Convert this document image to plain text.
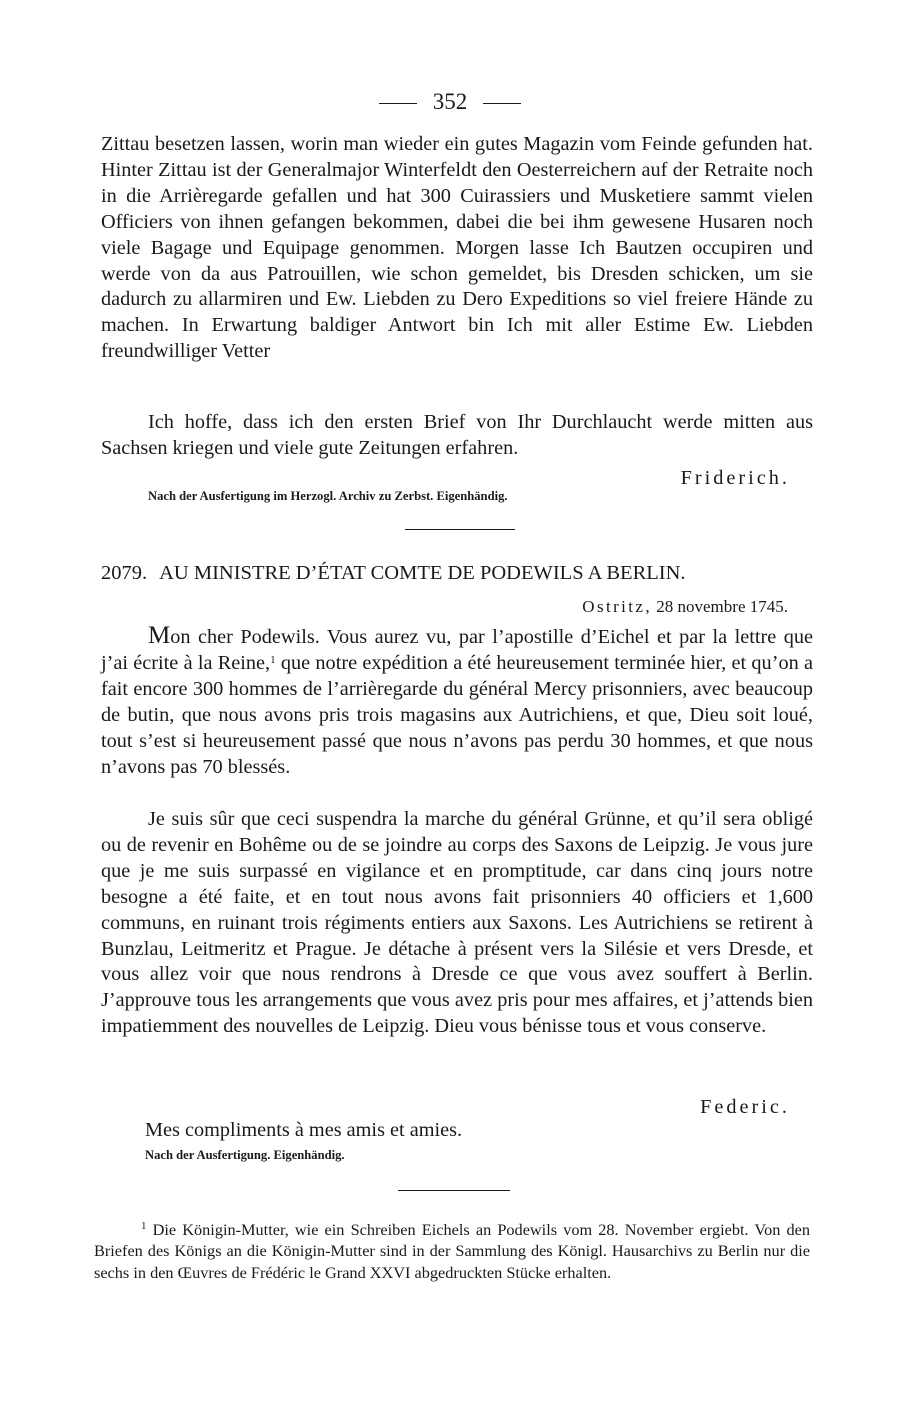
352

Zittau besetzen lassen, worin man wieder ein gutes Magazin vom Feinde gefunden hat. Hinter Zittau ist der Generalmajor Winterfeldt den Oesterreichern auf der Retraite noch in die Arrièregarde gefallen und hat 300 Cuirassiers und Musketiere sammt vielen Officiers von ihnen gefangen bekommen, dabei die bei ihm gewesene Husaren noch viele Bagage und Equipage genommen. Morgen lasse Ich Bautzen occupiren und werde von da aus Patrouillen, wie schon gemeldet, bis Dresden schicken, um sie dadurch zu allarmiren und Ew. Liebden zu Dero Expeditions so viel freiere Hände zu machen. In Erwartung baldiger Antwort bin Ich mit aller Estime Ew. Liebden freundwilliger Vetter

Ich hoffe, dass ich den ersten Brief von Ihr Durchlaucht werde mitten aus Sachsen kriegen und viele gute Zeitungen erfahren.

Friderich.
Nach der Ausfertigung im Herzogl. Archiv zu Zerbst. Eigenhändig.
2079. AU MINISTRE D’ÉTAT COMTE DE PODEWILS A BERLIN.
Ostritz, 28 novembre 1745.

Mon cher Podewils. Vous aurez vu, par l’apostille d’Eichel et par la lettre que j’ai écrite à la Reine,$^1$ que notre expédition a été heureusement terminée hier, et qu’on a fait encore 300 hommes de l’arrièregarde du général Mercy prisonniers, avec beaucoup de butin, que nous avons pris trois magasins aux Autrichiens, et que, Dieu soit loué, tout s’est si heureusement passé que nous n’avons pas perdu 30 hommes, et que nous n’avons pas 70 blessés.

Je suis sûr que ceci suspendra la marche du général Grünne, et qu’il sera obligé ou de revenir en Bohême ou de se joindre au corps des Saxons de Leipzig. Je vous jure que je me suis surpassé en vigilance et en promptitude, car dans cinq jours notre besogne a été faite, et en tout nous avons fait prisonniers 40 officiers et 1,600 communs, en ruinant trois régiments entiers aux Saxons. Les Autrichiens se retirent à Bunzlau, Leitmeritz et Prague. Je détache à présent vers la Silésie et vers Dresde, et vous allez voir que nous rendrons à Dresde ce que vous avez souffert à Berlin. J’approuve tous les arrangements que vous avez pris pour mes affaires, et j’attends bien impatiemment des nouvelles de Leipzig. Dieu vous bénisse tous et vous conserve.

Federic.
Mes compliments à mes amis et amies.
Nach der Ausfertigung. Eigenhändig.

$^1$ Die Königin-Mutter, wie ein Schreiben Eichels an Podewils vom 28. November ergiebt. Von den Briefen des Königs an die Königin-Mutter sind in der Sammlung des Königl. Hausarchivs zu Berlin nur die sechs in den Œuvres de Frédéric le Grand XXVI abgedruckten Stücke erhalten.
